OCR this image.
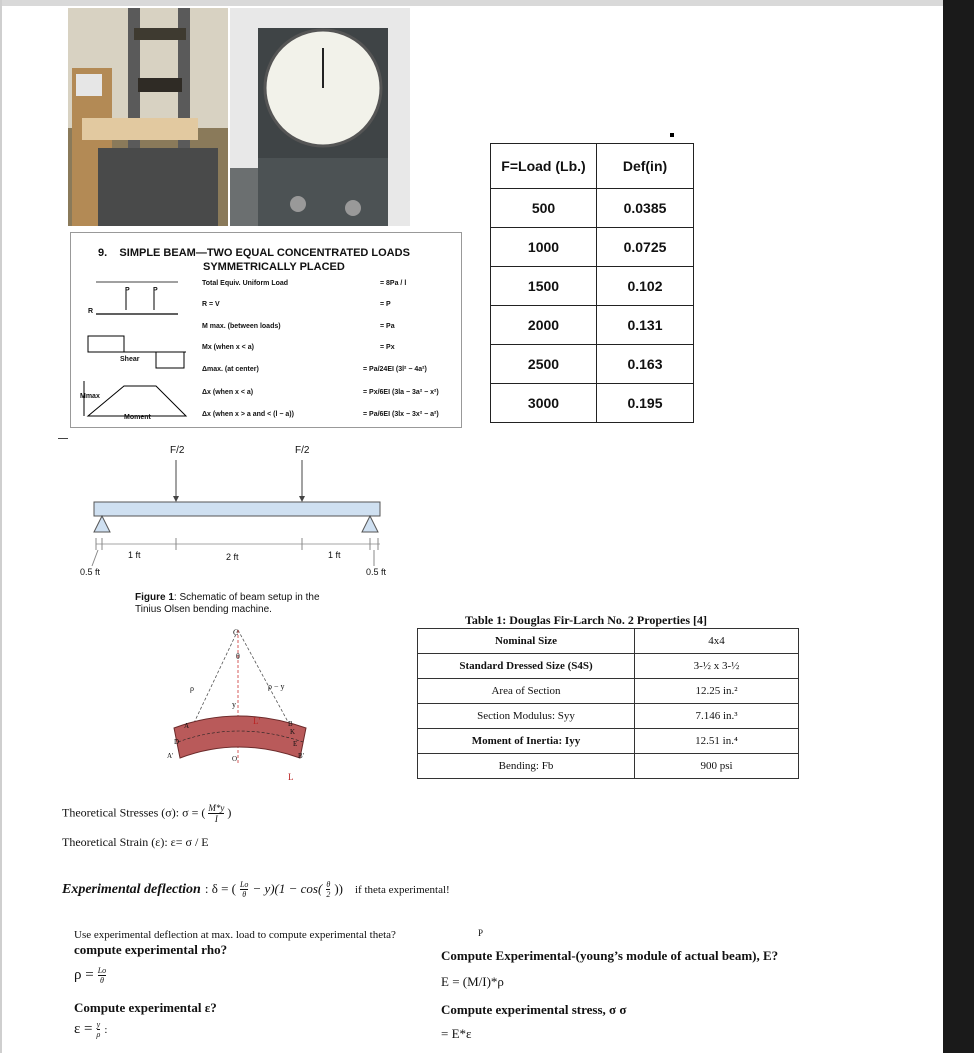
F=Load (Lb.)	Def(in)
500	0.0385
1000	0.0725
1500	0.102
2000	0.131
2500	0.163
3000	0.195
9. SIMPLE BEAM—TWO EQUAL CONCENTRATED LOADS
SYMMETRICALLY PLACED
P	P
R
Shear
Mmax
Moment
Total Equiv. Uniform Load	= 8Pa / l
R = V	= P
M max. (between loads)	= Pa
Mx (when x < a)	= Px
Δmax. (at center)	= Pa/24EI (3l² − 4a²)
Δx (when x < a)	= Px/6EI (3la − 3a² − x²)
Δx (when x > a and < (l − a))	= Pa/6EI (3lx − 3x² − a²)
F/2	F/2
1 ft	2 ft	1 ft
0.5 ft	0.5 ft
Figure 1: Schematic of beam setup in the
Tinius Olsen bending machine.
C
θ
ρ	ρ − y
y
L'
L
A
A'
B
B'
D	E
K
O
Table 1: Douglas Fir-Larch No. 2 Properties [4]
Nominal Size	4x4
Standard Dressed Size (S4S)	3-½ x 3-½
Area of Section	12.25 in.²
Section Modulus: Syy	7.146 in.³
Moment of Inertia: Iyy	12.51 in.⁴
Bending: Fb	900 psi
Theoretical Stresses (σ): σ = ( $\frac{M*y}{I}$ )
Theoretical Strain (ε): ε= σ / E
Experimental deflection : δ = ( $\frac{Lo}{\theta} - y)(1 - \cos( \frac{\theta}{2}$ )) if theta experimental!
Use experimental deflection at max. load to compute experimental theta?
compute experimental rho?
$\rho = \frac{Lo}{\theta}$
Compute experimental ε?
$\varepsilon = \frac{y}{\rho}$ :
P
Compute Experimental-(young’s module of actual beam), E?
E = (M/I)*ρ
Compute experimental stress, σ σ
= E*ε
